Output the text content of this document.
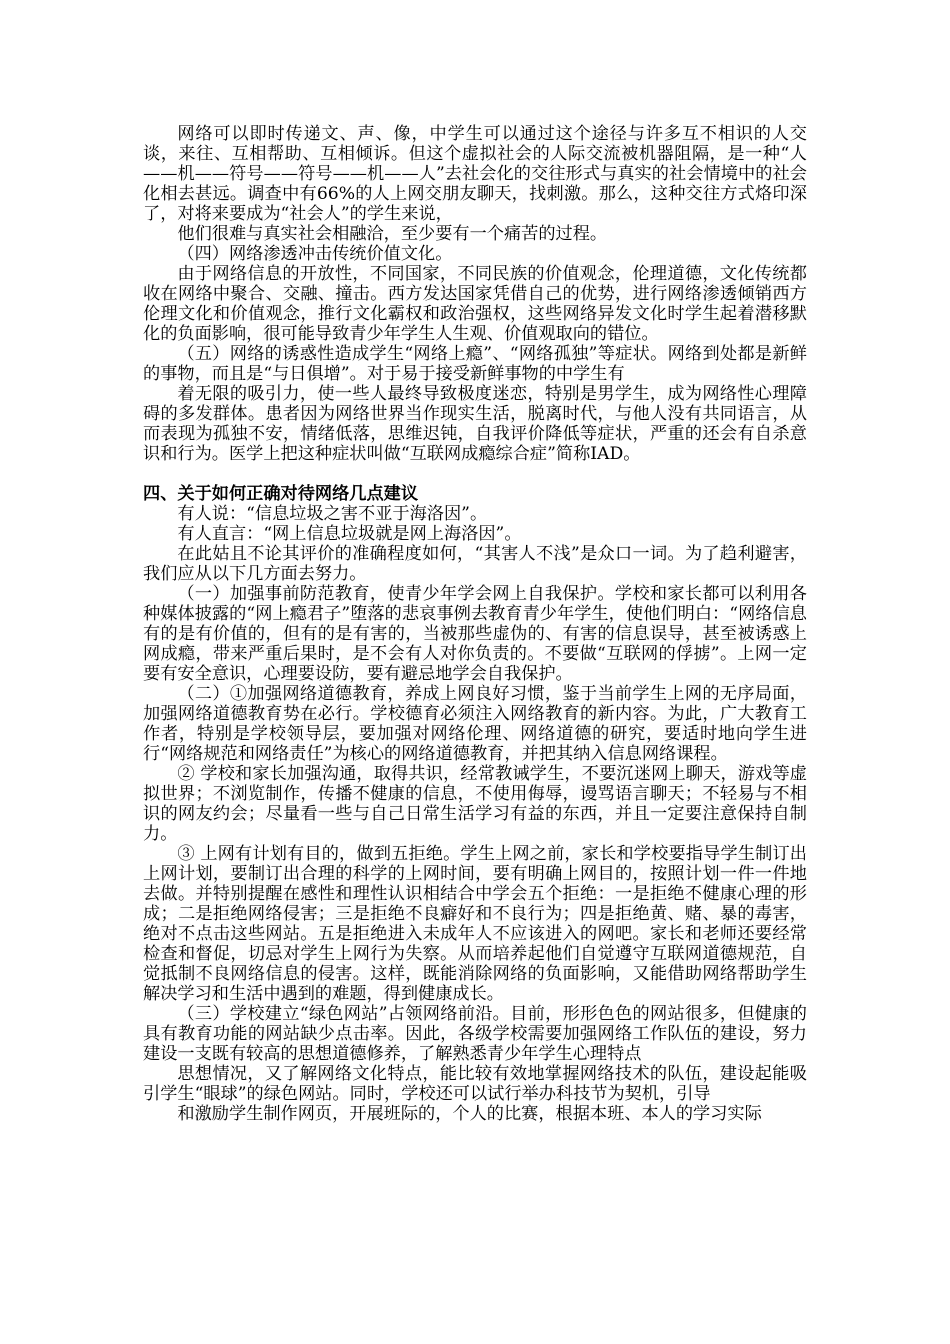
网络可以即时传递文、声、像，中学生可以通过这个途径与许多互不相识的人交谈，来往、互相帮助、互相倾诉。但这个虚拟社会的人际交流被机器阻隔，是一种“人——机——符号——符号——机——人”去社会化的交往形式与真实的社会情境中的社会化相去甚远。调查中有66%的人上网交朋友聊天，找刺激。那么，这种交往方式烙印深了，对将来要成为“社会人”的学生来说，

他们很难与真实社会相融洽，至少要有一个痛苦的过程。

（四）网络渗透冲击传统价值文化。

由于网络信息的开放性，不同国家，不同民族的价值观念，伦理道德，文化传统都收在网络中聚合、交融、撞击。西方发达国家凭借自己的优势，进行网络渗透倾销西方伦理文化和价值观念，推行文化霸权和政治强权，这些网络异发文化时学生起着潜移默化的负面影响，很可能导致青少年学生人生观、价值观取向的错位。

（五）网络的诱惑性造成学生“网络上瘾”、“网络孤独”等症状。网络到处都是新鲜的事物，而且是“与日俱增”。对于易于接受新鲜事物的中学生有

着无限的吸引力，使一些人最终导致极度迷恋，特别是男学生，成为网络性心理障碍的多发群体。患者因为网络世界当作现实生活，脱离时代，与他人没有共同语言，从而表现为孤独不安，情绪低落，思维迟钝，自我评价降低等症状，严重的还会有自杀意识和行为。医学上把这种症状叫做“互联网成瘾综合症”简称IAD。

四、关于如何正确对待网络几点建议

有人说：“信息垃圾之害不亚于海洛因”。

有人直言：“网上信息垃圾就是网上海洛因”。

在此姑且不论其评价的准确程度如何，“其害人不浅”是众口一词。为了趋利避害，我们应从以下几方面去努力。

（一）加强事前防范教育，使青少年学会网上自我保护。学校和家长都可以利用各种媒体披露的“网上瘾君子”堕落的悲哀事例去教育青少年学生，使他们明白：“网络信息有的是有价值的，但有的是有害的，当被那些虚伪的、有害的信息误导，甚至被诱惑上网成瘾，带来严重后果时，是不会有人对你负责的。不要做“互联网的俘掳”。上网一定要有安全意识，心理要设防，要有避忌地学会自我保护。

（二）①加强网络道德教育，养成上网良好习惯，鉴于当前学生上网的无序局面，加强网络道德教育势在必行。学校德育必须注入网络教育的新内容。为此，广大教育工作者，特别是学校领导层，要加强对网络伦理、网络道德的研究，要适时地向学生进行“网络规范和网络责任”为核心的网络道德教育，并把其纳入信息网络课程。

② 学校和家长加强沟通，取得共识，经常教诫学生，不要沉迷网上聊天，游戏等虚拟世界；不浏览制作，传播不健康的信息，不使用侮辱，谩骂语言聊天；不轻易与不相识的网友约会；尽量看一些与自己日常生活学习有益的东西，并且一定要注意保持自制力。

③ 上网有计划有目的，做到五拒绝。学生上网之前，家长和学校要指导学生制订出上网计划，要制订出合理的科学的上网时间，要有明确上网目的，按照计划一件一件地去做。并特别提醒在感性和理性认识相结合中学会五个拒绝：一是拒绝不健康心理的形成；二是拒绝网络侵害；三是拒绝不良癖好和不良行为；四是拒绝黄、赌、暴的毒害，绝对不点击这些网站。五是拒绝进入未成年人不应该进入的网吧。家长和老师还要经常检查和督促，切忌对学生上网行为失察。从而培养起他们自觉遵守互联网道德规范，自觉抵制不良网络信息的侵害。这样，既能消除网络的负面影响，又能借助网络帮助学生解决学习和生活中遇到的难题，得到健康成长。

（三）学校建立“绿色网站”占领网络前沿。目前，形形色色的网站很多，但健康的具有教育功能的网站缺少点击率。因此，各级学校需要加强网络工作队伍的建设，努力建设一支既有较高的思想道德修养，了解熟悉青少年学生心理特点

思想情况，又了解网络文化特点，能比较有效地掌握网络技术的队伍，建设起能吸引学生“眼球”的绿色网站。同时，学校还可以试行举办科技节为契机，引导

和激励学生制作网页，开展班际的，个人的比赛，根据本班、本人的学习实际
